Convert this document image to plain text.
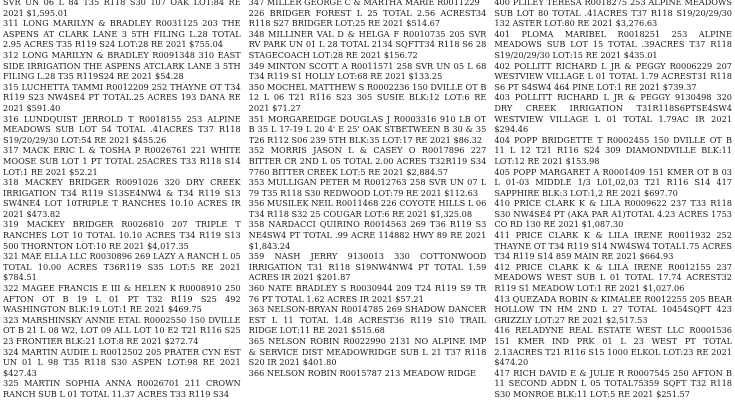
SVR UN 06 L 84 T35 R118 S30 107 OAK LOT:84 RE 2021 $1,595.01

311 LONG MARILYN & BRADLEY R0031125 203 THE ASPENS AT CLARK LANE 3 5TH FILING L.28 TOTAL 2.95 ACRES T35 R119 S24 LOT:28 RE 2021 $755.04

312 LONG MARILYN & BRADLEY R0091348 310 EAST SIDE IRRIGATION THE ASPENS ATCLARK LANE 3 5TH FILING L.28 T35 R119S24 RE 2021 $54.28

315 LUCHETTA TAMMI R0012209 252 THAYNE OT T34 R119 S23 NW4SE4 PT TOTAL.25 ACRES 193 DANA RE 2021 $591.40

316 LUNDQUIST JERROLD T R0018155 253 ALPINE MEADOWS SUB LOT 54 TOTAL .41ACRES T37 R118 S19/20/29/30 LOT:54 RE 2021 $455.26

317 MACK ERIC L & TOSHA P R0026761 221 WHITE MOOSE SUB LOT 1 PT TOTAL 25ACRES T33 R118 S14 LOT:1 RE 2021 $52.21

318 MACKEY BRIDGER R0091026 320 DRY CREEK IRRIGATION T34 R119 S13SE4NW4 & T34 R119 S13 SW4NE4 LOT 10TRIPLE T RANCHES 10.10 ACRES IR 2021 $473.82

319 MACKEY BRIDGER R0026810 207 TRIPLE T RANCHES LOT 10 TOTAL 10.10 ACRES T34 R119 S13 500 THORNTON LOT:10 RE 2021 $4,017.35

321 MAE ELLA LLC R0030896 269 LAZY A RANCH L 05 TOTAL 10.00 ACRES T36R119 S35 LOT:5 RE 2021 $784.51

322 MAGEE FRANCIS E III & HELEN K R0008910 250 AFTON OT B 19 L 01 PT T32 R119 S25 492 WASHINGTON BLK:19 LOT:1 RE 2021 $469.75

323 MARSHINSKY ANNIE ETAL R0002550 150 DVILLE OT B 21 L 08 W2, LOT 09 ALL LOT 10 E2 T21 R116 S25 23 FRONTIER BLK:21 LOT:8 RE 2021 $272.74

324 MARTIN AUDIE L R0012502 205 PRATER CYN EST UN 01 L 98 T35 R118 S30 ASPEN LOT:98 RE 2021 $427.43

325 MARTIN SOPHIA ANNA R0026701 211 CROWN RANCH SUB L 01 TOTAL 11.37 ACRES T33 R119 S34

347 MILLER GEORGE C & MARTHA MARIE R0011229

226 BRIDGER FOREST L 25 TOTAL 2.56 ACREST34 R118 S27 BRIDGER LOT:25 RE 2021 $514.67

348 MILLINER VAL D & HELGA F R0010735 205 SVR RV PARK UN 01 L 28 TOTAL 2134 SQFTT34 R118 S6 28 STAGECOACH LOT:28 RE 2021 $156.72

349 MINTON SCOTT A R0011571 258 SVR UN 05 L 68 T34 R119 S1 HOLLY LOT:68 RE 2021 $133.25

350 MOCHEL MATTHEW S R0002236 150 DVILLE OT B 12 L 06 T21 R116 S23 305 SUSIE BLK:12 LOT:6 RE 2021 $71.27

351 MORGAREIDGE DOUGLAS J R0003316 910 LB OT B 35 L 17-19 L 20 4' E 25' OAK STBETWEEN B 30 & 35 T26 R112 S06 239 5TH BLK:35 LOT:17 RE 2021 $86.32

352 MORRIS JASON L & CASEY O R0017896 227 BITTER CR 2ND L 05 TOTAL 2.00 ACRES T32R119 S34 7760 BITTER CREEK LOT:5 RE 2021 $2,884.57

353 MULLIGAN PETER M R0012763 258 SVR UN 07 L 79 T35 R118 S30 REDWOOD LOT:79 RE 2021 $112.63

356 MUSILEK NEIL R0011468 226 COYOTE HILLS L 06 T34 R118 S32 25 COUGAR LOT:6 RE 2021 $1,325.08

358 NARDACCI QUIRINO R0014563 269 T36 R119 S3 NE4SW4 PT TOTAL .99 ACRE 114882 HWY 89 RE 2021 $1,843.24

359 NASH JERRY 9130013 330 COTTONWOOD IRRIGATION T31 R118 S19NW4NW4 PT TOTAL 1.59 ACRES IR 2021 $201.87

360 NATE BRADLEY S R0030944 209 T24 R119 S9 TR 76 PT TOTAL 1.62 ACRES IR 2021 $57.21

363 NELSON-BRYAN R0014785 269 SHADOW DANCER EST L 11 TOTAL 1.48 ACREST36 R119 S10 TRAIL RIDGE LOT:11 RE 2021 $515.68

365 NELSON ROBIN R0022990 2131 NO ALPINE IMP & SERVICE DIST MEADOWRIDGE SUB L 21 T37 R118 S20 IR 2021 $401.80

366 NELSON ROBIN R0015787 213 MEADOW RIDGE

400 PLILEY TERESA R0018275 253 ALPINE MEADOWS SUB LOT 80 TOTAL .41ACRES T37 R118 S19/20/29/30 132 ASTER LOT:80 RE 2021 $3,276.63

401 PLOMA MARIBEL R0018251 253 ALPINE MEADOWS SUB LOT 15 TOTAL .39ACRES T37 R118 S19/20/29/30 LOT:15 RE 2021 $435.01

402 POLLITT RICHARD L JR & PEGGY R0006229 207 WESTVIEW VILLAGE L 01 TOTAL 1.79 ACREST31 R118 S6 PT S4SW4 464 PINE LOT:1 RE 2021 $739.37

403 POLLITT RICHARD L JR & PEGGY 9130498 320 DRY CREEK IRRIGATION T31R118S6PTSE4SW4 WESTVIEW VILLAGE L 01 TOTAL 1.79AC IR 2021 $294.46

404 POPP BRIDGETTE T R0002455 150 DVILLE OT B 11 L 12 T21 R116 S24 309 DIAMONDVILLE BLK:11 LOT:12 RE 2021 $153.98

405 POPP MARGARET A R0001409 151 KMER OT B 03 L 01-03 MIDDLE 1/3 L01,02,03 T21 R116 S14 417 SAPPHIRE BLK:3 LOT:1,2 RE 2021 $697.70

410 PRICE CLARK K & LILA R0009622 237 T33 R118 S30 NW4SE4 PT (AKA PAR A1)TOTAL 4.23 ACRES 1753 CO RD 130 RE 2021 $1,087.30

411 PRICE CLARK K & LILA IRENE R0011932 252 THAYNE OT T34 R119 S14 NW4SW4 TOTAL1.75 ACRES T34 R119 S14 859 MAIN RE 2021 $664.93

412 PRICE CLARK K & LILA IRENE R0012155 237 MEADOWS WEST SUB L 01 TOTAL 17.74 ACREST32 R119 S1 MEADOW LOT:1 RE 2021 $1,027.06

413 QUEZADA ROBIN & KIMALEE R0012255 205 BEAR HOLLOW TN HM 2ND L 27 TOTAL 10454SQFT 423 GRIZZLY LOT:27 RE 2021 $2,517.53

416 RELADYNE REAL ESTATE WEST LLC R0001536 151 KMER IND PRK 01 L 23 WEST PT TOTAL 2.13ACRES T21 R116 S15 1000 ELKOL LOT:23 RE 2021 $474.20

417 RICH DAVID E & JULIE R R0007545 250 AFTON B 11 SECOND ADDN L 05 TOTAL75359 SQFT T32 R118 S30 MONROE BLK:11 LOT:5 RE 2021 $251.57
